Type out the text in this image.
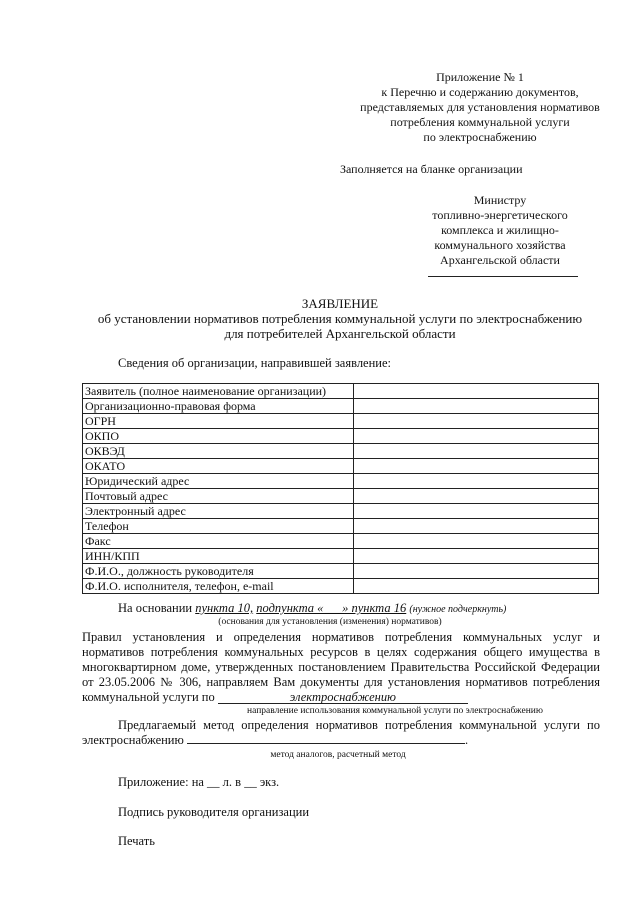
Приложение № 1
к Перечню и содержанию документов,
представляемых для установления нормативов
потребления коммунальной услуги
по электроснабжению
Заполняется на бланке организации
Министру
топливно-энергетического
комплекса и жилищно-
коммунального хозяйства
Архангельской области
ЗАЯВЛЕНИЕ
об установлении нормативов потребления коммунальной услуги по электроснабжению
для потребителей Архангельской области
Сведения об организации, направившей заявление:
Заявитель (полное наименование организации)	
Организационно-правовая форма	
ОГРН	
ОКПО	
ОКВЭД	
ОКАТО	
Юридический адрес	
Почтовый адрес	
Электронный адрес	
Телефон	
Факс	
ИНН/КПП	
Ф.И.О., должность руководителя	
Ф.И.О. исполнителя, телефон, e-mail	
На основании пункта 10, подпункта «___» пункта 16 (нужное подчеркнуть)
(основания для установления (изменения) нормативов)
Правил установления и определения нормативов потребления коммунальных услуг и нормативов потребления коммунальных ресурсов в целях содержания общего имущества в многоквартирном доме, утвержденных постановлением Правительства Российской Федерации от 23.05.2006 № 306, направляем Вам документы для установления нормативов потребления коммунальной услуги по	электроснабжению
направление использования коммунальной услуги по электроснабжению
Предлагаемый метод определения нормативов потребления коммунальной услуги по электроснабжению	.
метод аналогов, расчетный метод
Приложение: на __ л. в __ экз.
Подпись руководителя организации
Печать
